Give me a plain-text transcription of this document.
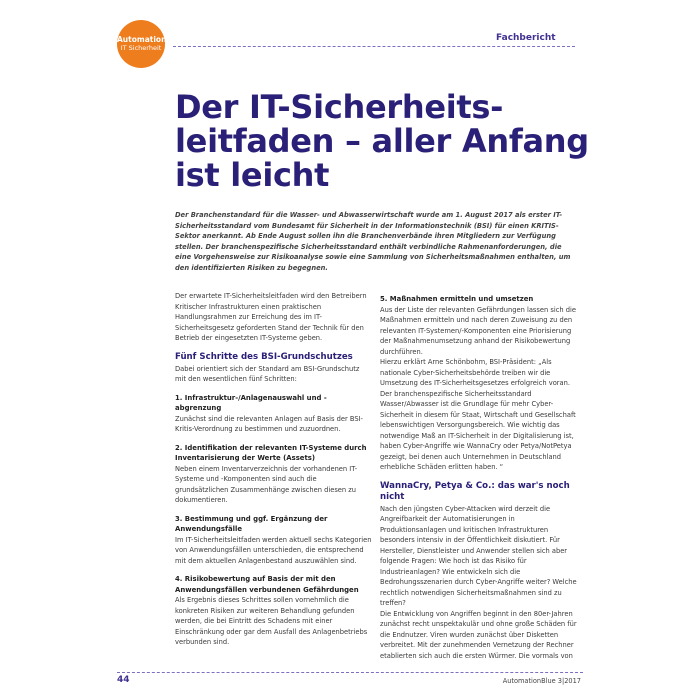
Automation
IT Sicherheit
Fachbericht
Der IT-Sicherheits-leitfaden – aller Anfang ist leicht

Der Branchenstandard für die Wasser- und Abwasserwirtschaft wurde am 1. August 2017 als erster IT-Sicherheitsstandard vom Bundesamt für Sicherheit in der Informationstechnik (BSI) für einen KRITIS-Sektor anerkannt. Ab Ende August sollen ihn die Branchenverbände ihren Mitgliedern zur Verfügung stellen. Der branchenspezifische Sicherheitsstandard enthält verbindliche Rahmenanforderungen, die eine Vorgehensweise zur Risikoanalyse sowie eine Sammlung von Sicherheitsmaßnahmen enthalten, um den identifizierten Risiken zu begegnen.

Der erwartete IT-Sicherheitsleitfaden wird den Betreibern Kritischer Infrastrukturen einen praktischen Handlungsrahmen zur Erreichung des im IT-Sicherheitsgesetz geforderten Stand der Technik für den Betrieb der eingesetzten IT-Systeme geben.

Fünf Schritte des BSI-Grundschutzes

Dabei orientiert sich der Standard am BSI-Grundschutz mit den wesentlichen fünf Schritten:

1. Infrastruktur-/Anlagenauswahl und -abgrenzung

Zunächst sind die relevanten Anlagen auf Basis der BSI-Kritis-Verordnung zu bestimmen und zuzuordnen.

2. Identifikation der relevanten IT-Systeme durch Inventarisierung der Werte (Assets)

Neben einem Inventarverzeichnis der vorhandenen IT-Systeme und -Komponenten sind auch die grundsätzlichen Zusammenhänge zwischen diesen zu dokumentieren.

3. Bestimmung und ggf. Ergänzung der Anwendungsfälle

Im IT-Sicherheitsleitfaden werden aktuell sechs Kategorien von Anwendungsfällen unterschieden, die entsprechend mit dem aktuellen Anlagenbestand auszuwählen sind.

4. Risikobewertung auf Basis der mit den Anwendungsfällen verbundenen Gefährdungen

Als Ergebnis dieses Schrittes sollen vornehmlich die konkreten Risiken zur weiteren Behandlung gefunden werden, die bei Eintritt des Schadens mit einer Einschränkung oder gar dem Ausfall des Anlagenbetriebs verbunden sind.

5. Maßnahmen ermitteln und umsetzen

Aus der Liste der relevanten Gefährdungen lassen sich die Maßnahmen ermitteln und nach deren Zuweisung zu den relevanten IT-Systemen/-Komponenten eine Priorisierung der Maßnahmenumsetzung anhand der Risikobewertung durchführen.

Hierzu erklärt Arne Schönbohm, BSI-Präsident: „Als nationale Cyber-Sicherheitsbehörde treiben wir die Umsetzung des IT-Sicherheitsgesetzes erfolgreich voran. Der branchenspezifische Sicherheitsstandard Wasser/Abwasser ist die Grundlage für mehr Cyber-Sicherheit in diesem für Staat, Wirtschaft und Gesellschaft lebenswichtigen Versorgungsbereich. Wie wichtig das notwendige Maß an IT-Sicherheit in der Digitalisierung ist, haben Cyber-Angriffe wie WannaCry oder Petya/NotPetya gezeigt, bei denen auch Unternehmen in Deutschland erhebliche Schäden erlitten haben. “

WannaCry, Petya & Co.: das war's noch nicht

Nach den jüngsten Cyber-Attacken wird derzeit die Angreifbarkeit der Automatisierungen in Produktionsanlagen und kritischen Infrastrukturen besonders intensiv in der Öffentlichkeit diskutiert. Für Hersteller, Dienstleister und Anwender stellen sich aber folgende Fragen: Wie hoch ist das Risiko für Industrieanlagen? Wie entwickeln sich die Bedrohungsszenarien durch Cyber-Angriffe weiter? Welche rechtlich notwendigen Sicherheitsmaßnahmen sind zu treffen?

Die Entwicklung von Angriffen beginnt in den 80er-Jahren zunächst recht unspektakulär und ohne große Schäden für die Endnutzer. Viren wurden zunächst über Disketten verbreitet. Mit der zunehmenden Vernetzung der Rechner etablierten sich auch die ersten Würmer. Die vormals von

44	AutomationBlue 3|2017
